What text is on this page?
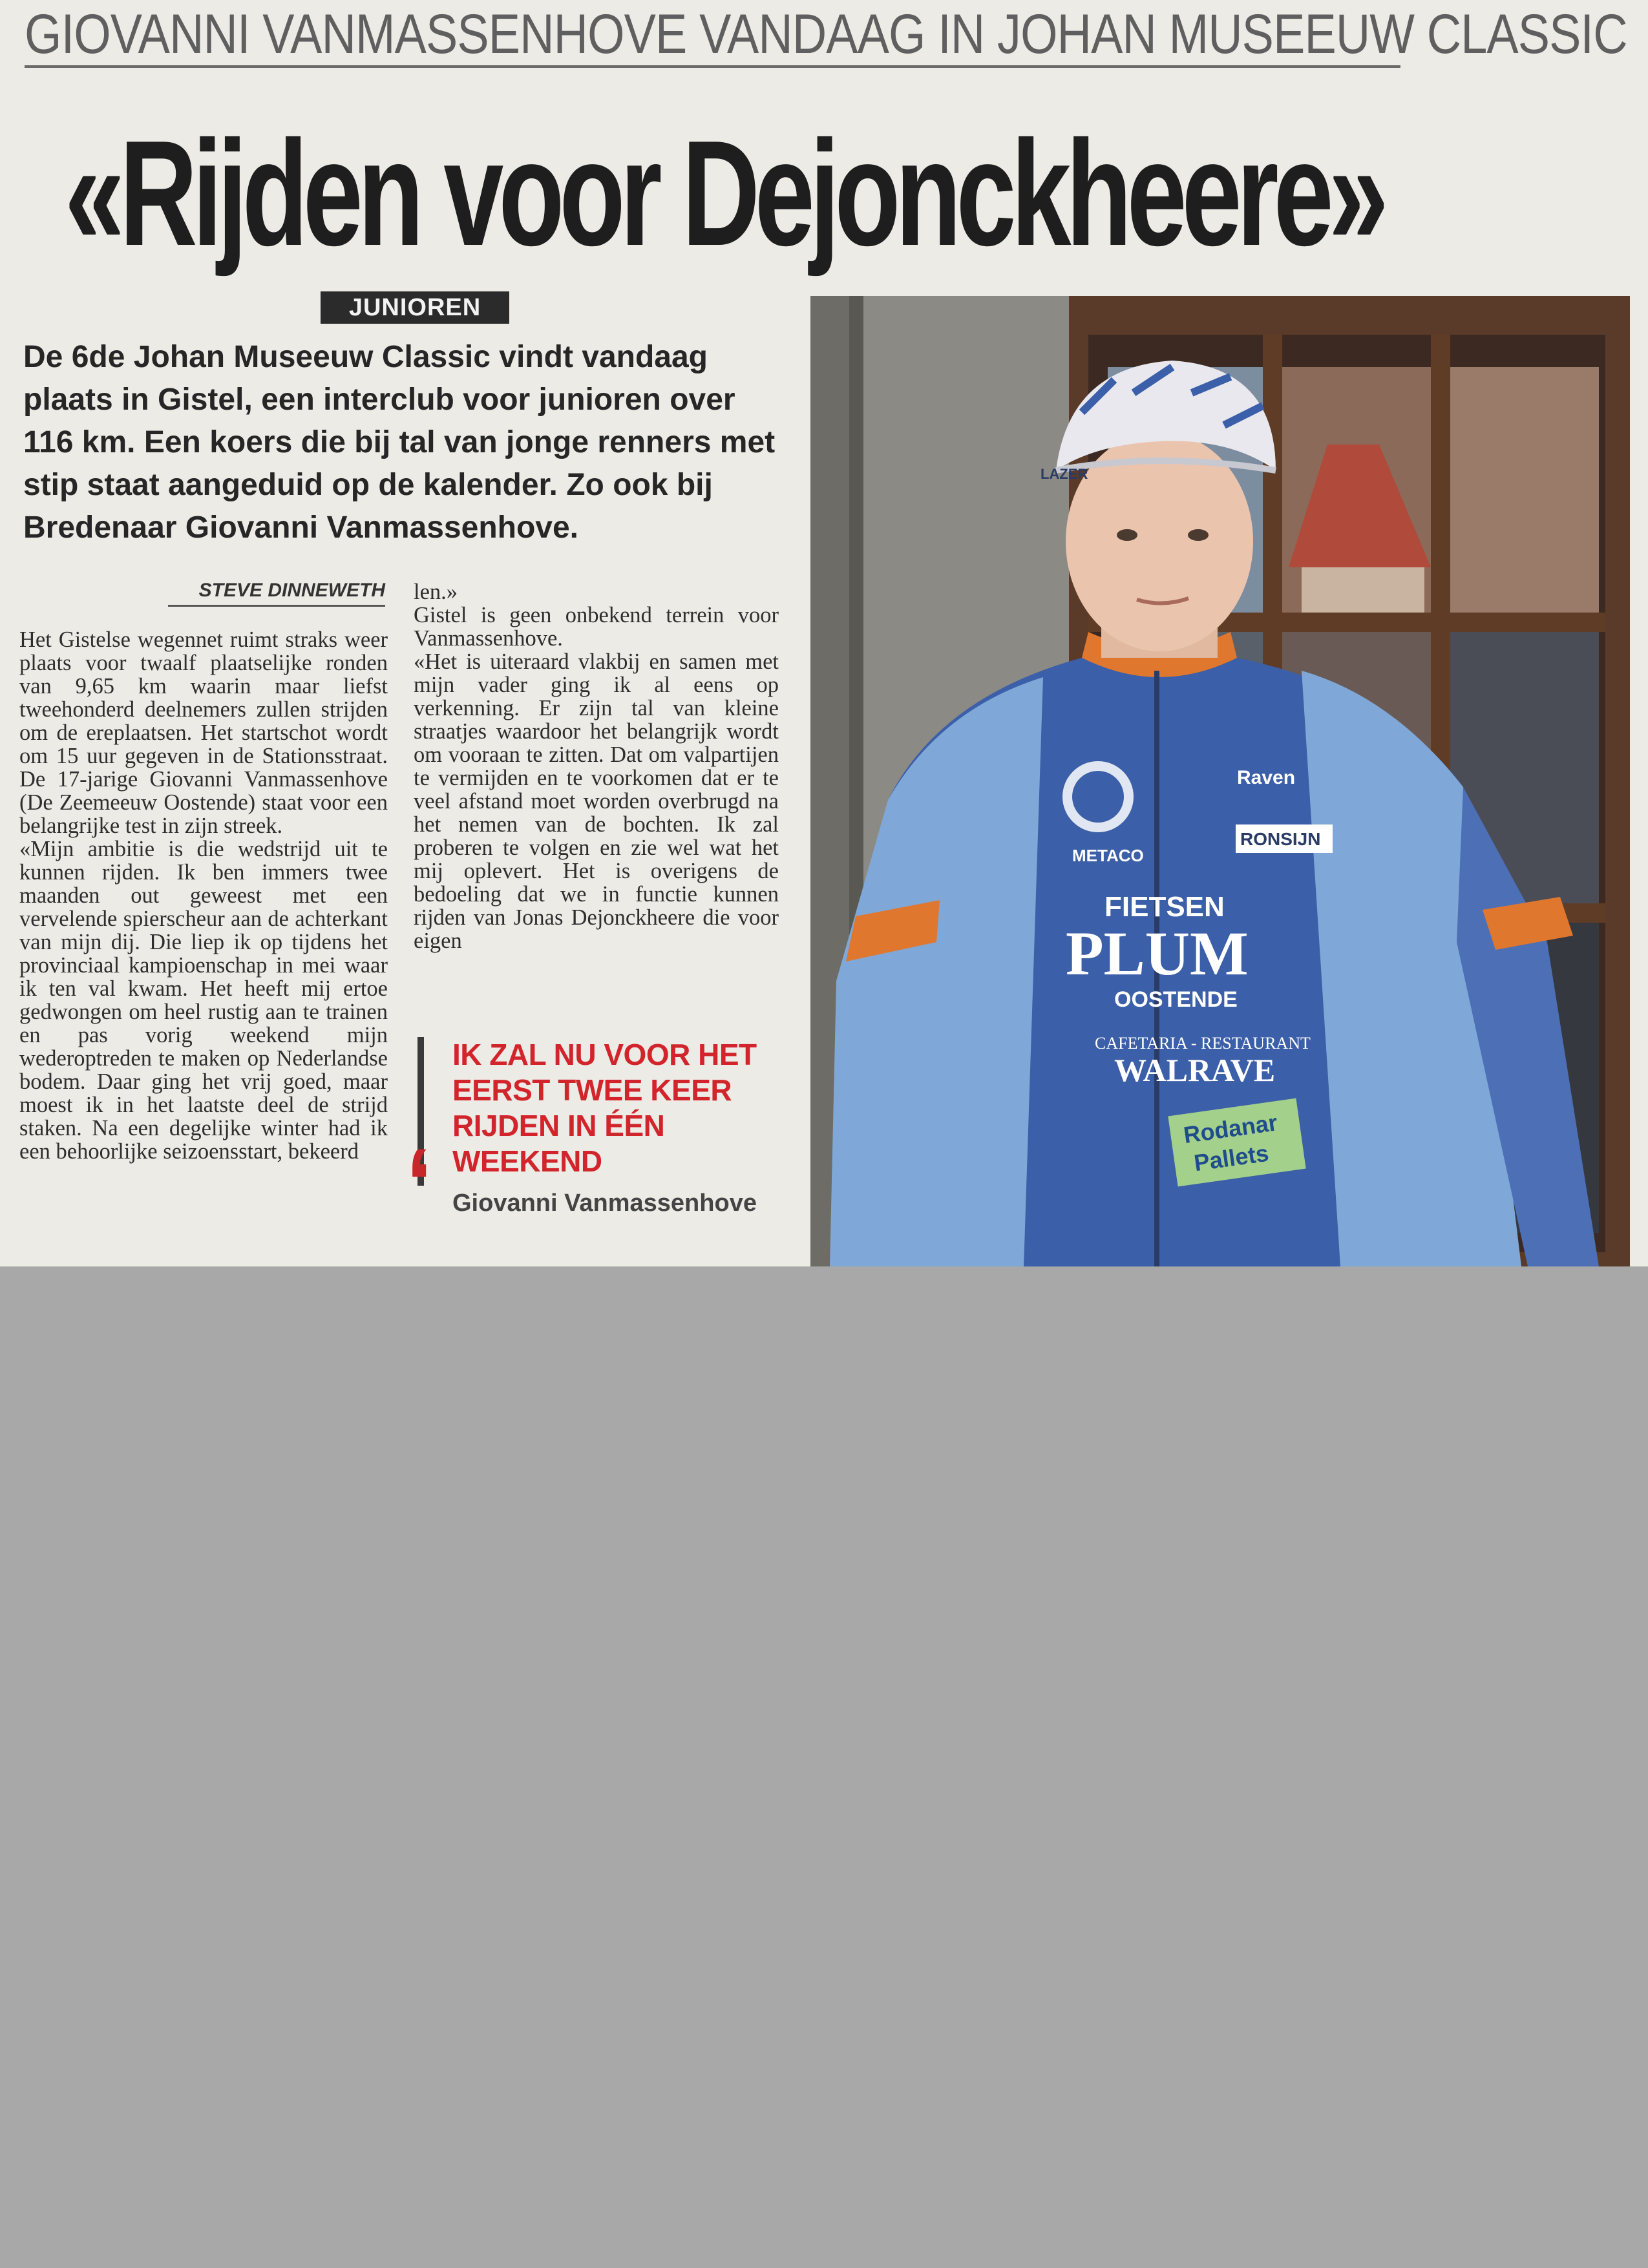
GIOVANNI VANMASSENHOVE VANDAAG IN JOHAN MUSEEUW CLASSIC
«Rijden voor Dejonckheere»
JUNIOREN
De 6de Johan Museeuw Classic vindt vandaag plaats in Gistel, een interclub voor junioren over 116 km. Een koers die bij tal van jonge renners met stip staat aangeduid op de kalender. Zo ook bij Bredenaar Giovanni Vanmassenhove.
STEVE DINNEWETH

Het Gistelse wegennet ruimt straks weer plaats voor twaalf plaatselijke ronden van 9,65 km waarin maar liefst tweehonderd deelnemers zullen strijden om de ereplaatsen. Het startschot wordt om 15 uur gegeven in de Stationsstraat. De 17-jarige Giovanni Vanmassenhove (De Zeemeeuw Oostende) staat voor een belangrijke test in zijn streek.

«Mijn ambitie is die wedstrijd uit te kunnen rijden. Ik ben immers twee maanden out geweest met een vervelende spierscheur aan de achterkant van mijn dij. Die liep ik op tijdens het provinciaal kampioenschap in mei waar ik ten val kwam. Het heeft mij ertoe gedwongen om heel rustig aan te trainen en pas vorig weekend mijn wederoptreden te maken op Nederlandse bodem. Daar ging het vrij goed, maar moest ik in het laatste deel de strijd staken. Na een degelijke winter had ik een behoorlijke seizoensstart, bekeerd

len.»

Gistel is geen onbekend terrein voor Vanmassenhove.

«Het is uiteraard vlakbij en samen met mijn vader ging ik al eens op verkenning. Er zijn tal van kleine straatjes waardoor het belangrijk wordt om vooraan te zitten. Dat om valpartijen te vermijden en te voorkomen dat er te veel afstand moet worden overbrugd na het nemen van de bochten. Ik zal proberen te volgen en zie wel wat het mij oplevert. Het is overigens de bedoeling dat we in functie kunnen rijden van Jonas Dejonckheere die voor eigen

‘
IK ZAL NU VOOR HET EERST TWEE KEER RIJDEN IN ÉÉN WEEKEND
Giovanni Vanmassenhove
FIETSEN
PLUM
OOSTENDE
CAFETARIA - RESTAURANT
WALRAVE
RONSIJN
Raven
METACO
Rodanar
Pallets
LAZER
